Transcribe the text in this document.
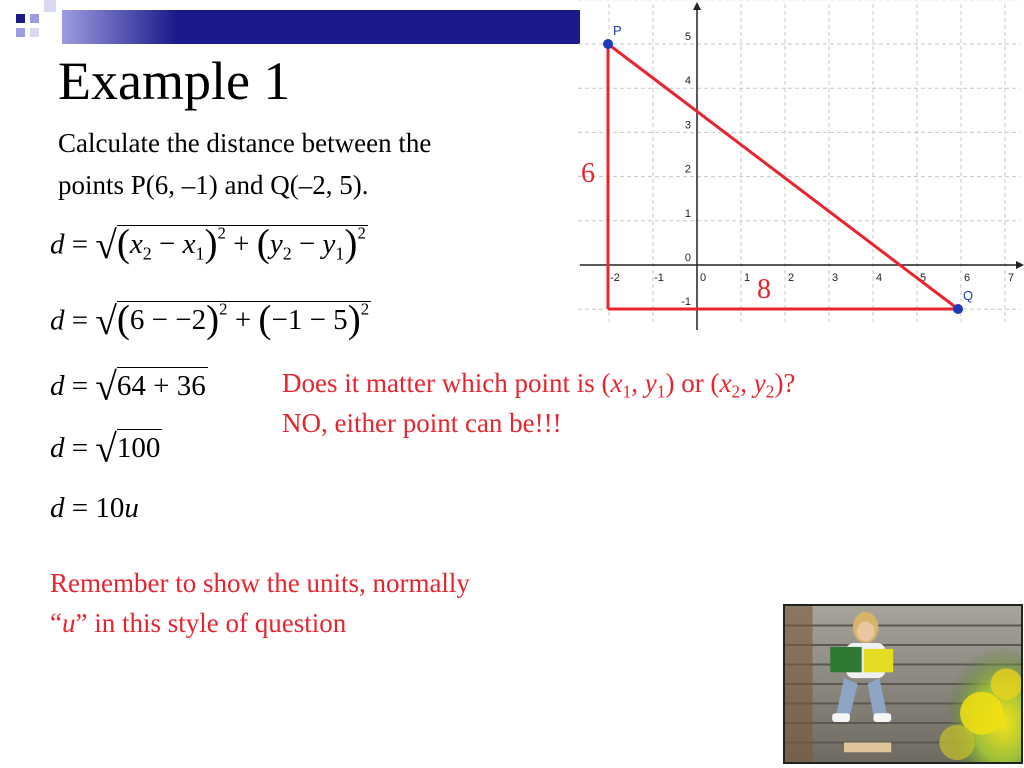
Example 1
Calculate the distance between the
points P(6, –1) and Q(–2, 5).
$d = √(x_2 - x_1)^2 + (y_2 - y_1)^2$
$d = √(6 - -2)^2 + (-1 - 5)^2$
d = √64 + 36
d = √100
d = 10u
Does it matter which point is ($x_1$, $y_1$) or ($x_2$, $y_2$)?
NO, either point can be!!!
Remember to show the units, normally
“u” in this style of question
-2	-1	0	1	2	3	4	5	6	7
5
4
3
2
1
0
-1
P
Q
6
8
